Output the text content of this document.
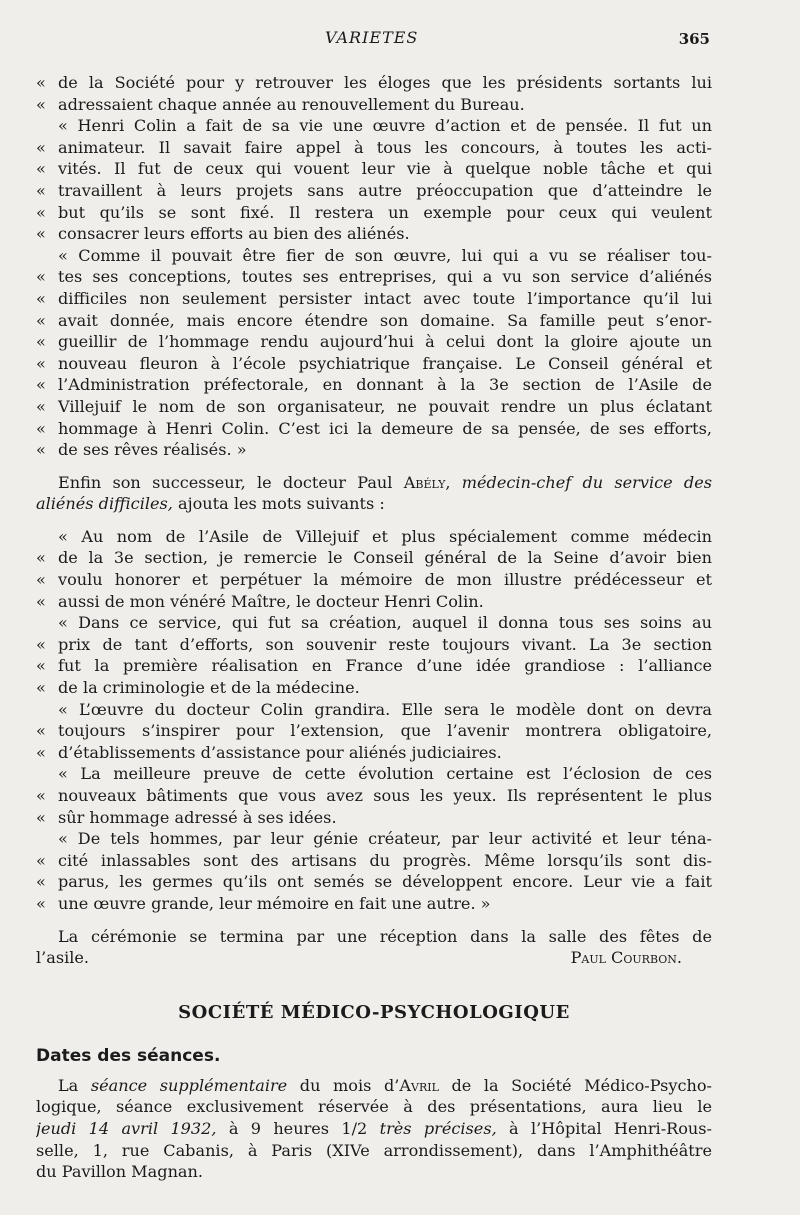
VARIETES	365
« de la Société pour y retrouver les éloges que les présidents sortants lui
« adressaient chaque année au renouvellement du Bureau.
« Henri Colin a fait de sa vie une œuvre d’action et de pensée. Il fut un
« animateur. Il savait faire appel à tous les concours, à toutes les acti-
« vités. Il fut de ceux qui vouent leur vie à quelque noble tâche et qui
« travaillent à leurs projets sans autre préoccupation que d’atteindre le
« but qu’ils se sont fixé. Il restera un exemple pour ceux qui veulent
« consacrer leurs efforts au bien des aliénés.
« Comme il pouvait être fier de son œuvre, lui qui a vu se réaliser tou-
« tes ses conceptions, toutes ses entreprises, qui a vu son service d’aliénés
« difficiles non seulement persister intact avec toute l’importance qu’il lui
« avait donnée, mais encore étendre son domaine. Sa famille peut s’enor-
« gueillir de l’hommage rendu aujourd’hui à celui dont la gloire ajoute un
« nouveau fleuron à l’école psychiatrique française. Le Conseil général et
« l’Administration préfectorale, en donnant à la 3e section de l’Asile de
« Villejuif le nom de son organisateur, ne pouvait rendre un plus éclatant
« hommage à Henri Colin. C’est ici la demeure de sa pensée, de ses efforts,
« de ses rêves réalisés. »
Enfin son successeur, le docteur Paul Abély, médecin-chef du service des
aliénés difficiles, ajouta les mots suivants :
« Au nom de l’Asile de Villejuif et plus spécialement comme médecin
« de la 3e section, je remercie le Conseil général de la Seine d’avoir bien
« voulu honorer et perpétuer la mémoire de mon illustre prédécesseur et
« aussi de mon vénéré Maître, le docteur Henri Colin.
« Dans ce service, qui fut sa création, auquel il donna tous ses soins au
« prix de tant d’efforts, son souvenir reste toujours vivant. La 3e section
« fut la première réalisation en France d’une idée grandiose : l’alliance
« de la criminologie et de la médecine.
« L’œuvre du docteur Colin grandira. Elle sera le modèle dont on devra
« toujours s’inspirer pour l’extension, que l’avenir montrera obligatoire,
« d’établissements d’assistance pour aliénés judiciaires.
« La meilleure preuve de cette évolution certaine est l’éclosion de ces
« nouveaux bâtiments que vous avez sous les yeux. Ils représentent le plus
« sûr hommage adressé à ses idées.
« De tels hommes, par leur génie créateur, par leur activité et leur téna-
« cité inlassables sont des artisans du progrès. Même lorsqu’ils sont dis-
« parus, les germes qu’ils ont semés se développent encore. Leur vie a fait
« une œuvre grande, leur mémoire en fait une autre. »
La cérémonie se termina par une réception dans la salle des fêtes de
l’asile.	Paul Courbon.
SOCIÉTÉ MÉDICO-PSYCHOLOGIQUE
Dates des séances.
La séance supplémentaire du mois d’Avril de la Société Médico-Psycho-
logique, séance exclusivement réservée à des présentations, aura lieu le
jeudi 14 avril 1932, à 9 heures 1/2 très précises, à l’Hôpital Henri-Rous-
selle, 1, rue Cabanis, à Paris (XIVe arrondissement), dans l’Amphithéâtre
du Pavillon Magnan.
